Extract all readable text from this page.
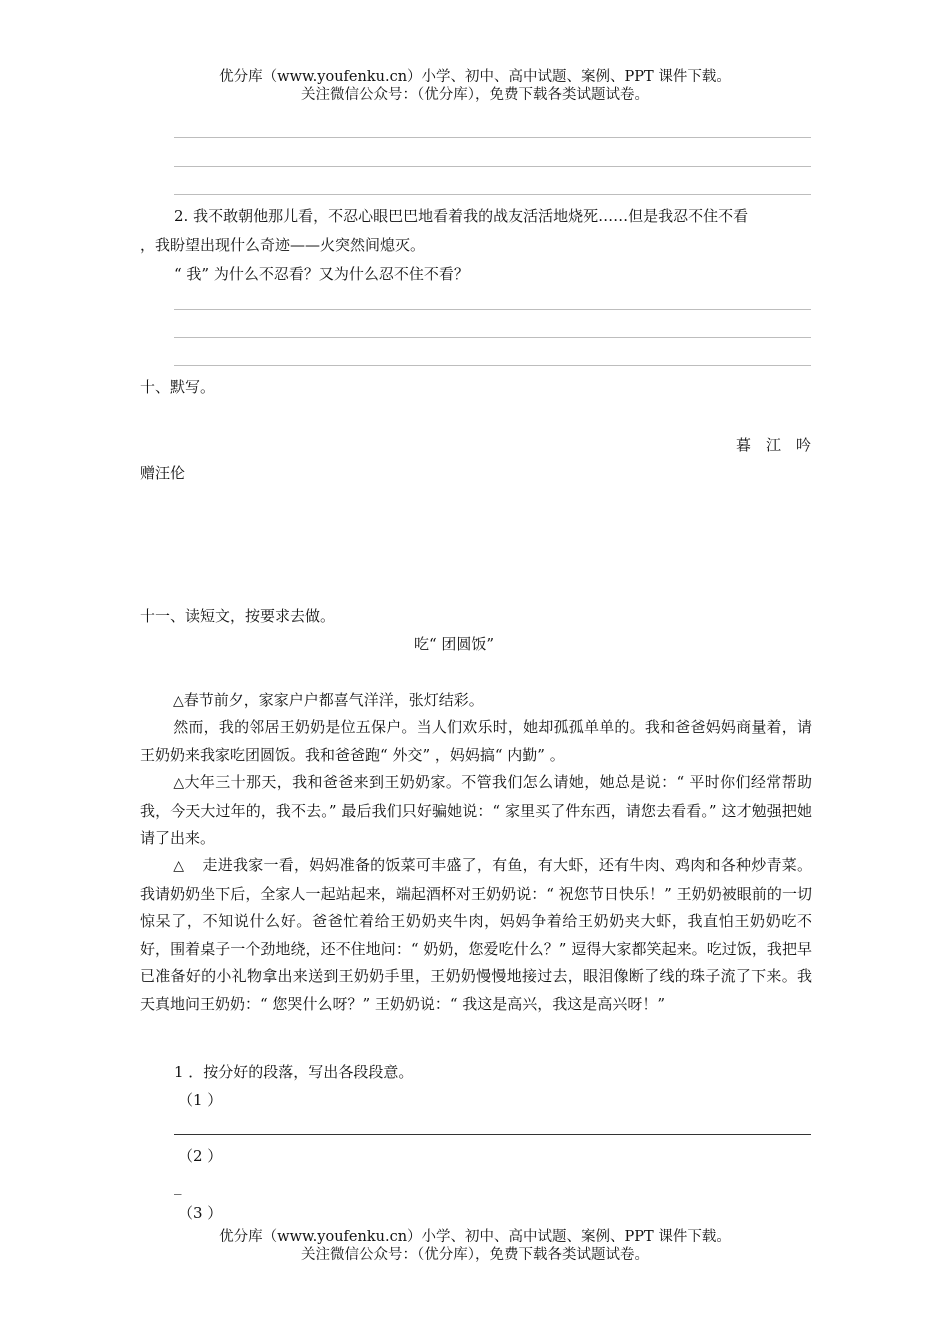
优分库（www.youfenku.cn）小学、初中、高中试题、案例、PPT 课件下载。
关注微信公众号：（优分库），免费下载各类试题试卷。
2. 我不敢朝他那儿看，不忍心眼巴巴地看着我的战友活活地烧死……但是我忍不住不看
，我盼望出现什么奇迹——火突然间熄灭。
“ 我” 为什么不忍看？又为什么忍不住不看？
十、默写。
暮　江　吟
赠汪伦
十一、读短文，按要求去做。
吃“ 团圆饭”
△春节前夕，家家户户都喜气洋洋，张灯结彩。
然而，我的邻居王奶奶是位五保户。当人们欢乐时，她却孤孤单单的。我和爸爸妈妈商量着，请王奶奶来我家吃团圆饭。我和爸爸跑“ 外交” ，妈妈搞“ 内勤” 。
△大年三十那天，我和爸爸来到王奶奶家。不管我们怎么请她，她总是说：“ 平时你们经常帮助我，今天大过年的，我不去。” 最后我们只好骗她说：“ 家里买了件东西，请您去看看。” 这才勉强把她请了出来。
△ 走进我家一看，妈妈准备的饭菜可丰盛了，有鱼，有大虾，还有牛肉、鸡肉和各种炒青菜。我请奶奶坐下后，全家人一起站起来，端起酒杯对王奶奶说：“ 祝您节日快乐！” 王奶奶被眼前的一切惊呆了，不知说什么好。爸爸忙着给王奶奶夹牛肉，妈妈争着给王奶奶夹大虾，我直怕王奶奶吃不好，围着桌子一个劲地绕，还不住地问：“ 奶奶，您爱吃什么？” 逗得大家都笑起来。吃过饭，我把早已准备好的小礼物拿出来送到王奶奶手里，王奶奶慢慢地接过去，眼泪像断了线的珠子流了下来。我天真地问王奶奶：“ 您哭什么呀？” 王奶奶说：“ 我这是高兴，我这是高兴呀！”
1 ．按分好的段落，写出各段段意。
（1 ）
（2 ）
_
（3 ）
优分库（www.youfenku.cn）小学、初中、高中试题、案例、PPT 课件下载。
关注微信公众号：（优分库），免费下载各类试题试卷。
